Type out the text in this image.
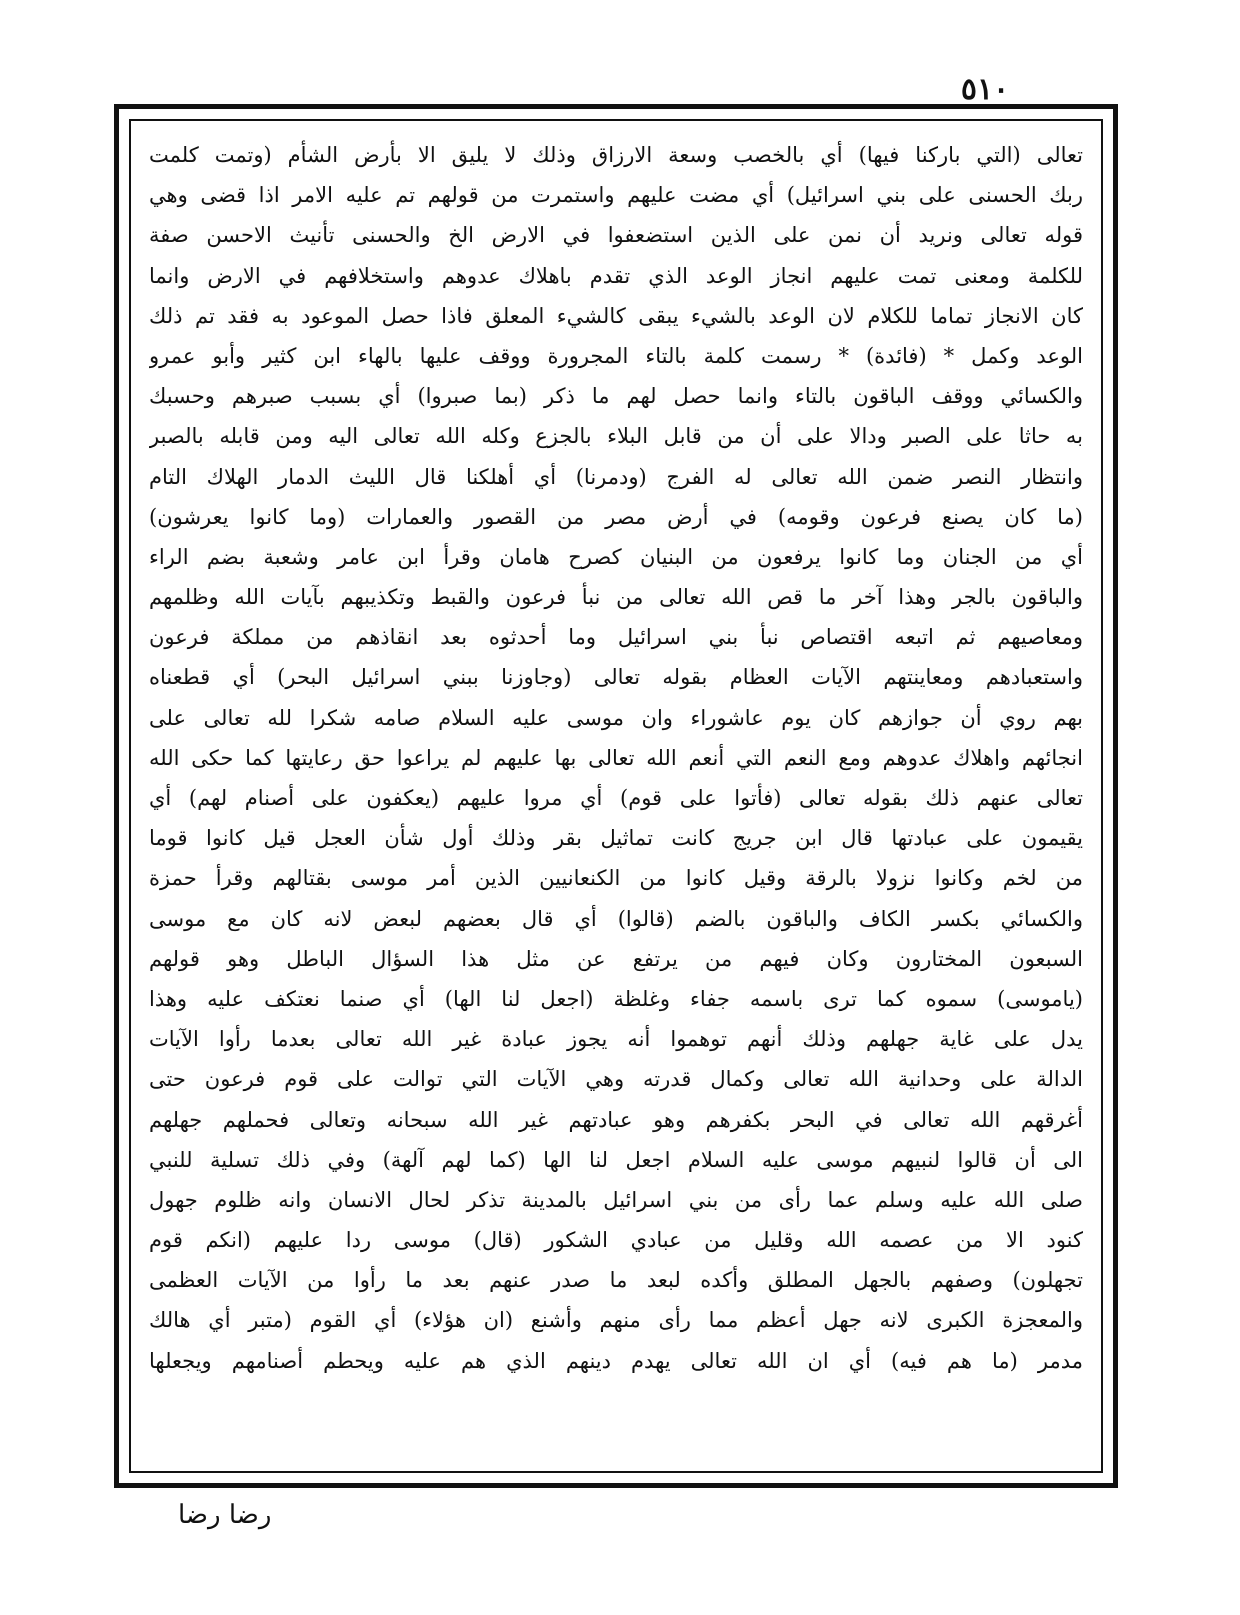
٥١٠
تعالى (التي باركنا فيها) أي بالخصب وسعة الارزاق وذلك لا يليق الا بأرض الشأم (وتمت كلمت
ربك الحسنى على بني اسرائيل) أي مضت عليهم واستمرت من قولهم تم عليه الامر اذا قضى وهي
قوله تعالى ونريد أن نمن على الذين استضعفوا في الارض الخ والحسنى تأنيث الاحسن صفة
للكلمة ومعنى تمت عليهم انجاز الوعد الذي تقدم باهلاك عدوهم واستخلافهم في الارض وانما
كان الانجاز تماما للكلام لان الوعد بالشيء يبقى كالشيء المعلق فاذا حصل الموعود به فقد تم ذلك
الوعد وكمل * (فائدة) * رسمت كلمة بالتاء المجرورة ووقف عليها بالهاء ابن كثير وأبو عمرو
والكسائي ووقف الباقون بالتاء وانما حصل لهم ما ذكر (بما صبروا) أي بسبب صبرهم وحسبك
به حاثا على الصبر ودالا على أن من قابل البلاء بالجزع وكله الله تعالى اليه ومن قابله بالصبر
وانتظار النصر ضمن الله تعالى له الفرج (ودمرنا) أي أهلكنا قال الليث الدمار الهلاك التام
(ما كان يصنع فرعون وقومه) في أرض مصر من القصور والعمارات (وما كانوا يعرشون)
أي من الجنان وما كانوا يرفعون من البنيان كصرح هامان وقرأ ابن عامر وشعبة بضم الراء
والباقون بالجر وهذا آخر ما قص الله تعالى من نبأ فرعون والقبط وتكذيبهم بآيات الله وظلمهم
ومعاصيهم ثم اتبعه اقتصاص نبأ بني اسرائيل وما أحدثوه بعد انقاذهم من مملكة فرعون
واستعبادهم ومعاينتهم الآيات العظام بقوله تعالى (وجاوزنا ببني اسرائيل البحر) أي قطعناه
بهم روي أن جوازهم كان يوم عاشوراء وان موسى عليه السلام صامه شكرا لله تعالى على
انجائهم واهلاك عدوهم ومع النعم التي أنعم الله تعالى بها عليهم لم يراعوا حق رعايتها كما حكى الله
تعالى عنهم ذلك بقوله تعالى (فأتوا على قوم) أي مروا عليهم (يعكفون على أصنام لهم) أي
يقيمون على عبادتها قال ابن جريج كانت تماثيل بقر وذلك أول شأن العجل قيل كانوا قوما
من لخم وكانوا نزولا بالرقة وقيل كانوا من الكنعانيين الذين أمر موسى بقتالهم وقرأ حمزة
والكسائي بكسر الكاف والباقون بالضم (قالوا) أي قال بعضهم لبعض لانه كان مع موسى
السبعون المختارون وكان فيهم من يرتفع عن مثل هذا السؤال الباطل وهو قولهم
(ياموسى) سموه كما ترى باسمه جفاء وغلظة (اجعل لنا الها) أي صنما نعتكف عليه وهذا
يدل على غاية جهلهم وذلك أنهم توهموا أنه يجوز عبادة غير الله تعالى بعدما رأوا الآيات
الدالة على وحدانية الله تعالى وكمال قدرته وهي الآيات التي توالت على قوم فرعون حتى
أغرقهم الله تعالى في البحر بكفرهم وهو عبادتهم غير الله سبحانه وتعالى فحملهم جهلهم
الى أن قالوا لنبيهم موسى عليه السلام اجعل لنا الها (كما لهم آلهة) وفي ذلك تسلية للنبي
صلى الله عليه وسلم عما رأى من بني اسرائيل بالمدينة تذكر لحال الانسان وانه ظلوم جهول
كنود الا من عصمه الله وقليل من عبادي الشكور (قال) موسى ردا عليهم (انكم قوم
تجهلون) وصفهم بالجهل المطلق وأكده لبعد ما صدر عنهم بعد ما رأوا من الآيات العظمى
والمعجزة الكبرى لانه جهل أعظم مما رأى منهم وأشنع (ان هؤلاء) أي القوم (متبر أي هالك
مدمر (ما هم فيه) أي ان الله تعالى يهدم دينهم الذي هم عليه ويحطم أصنامهم ويجعلها
رضا رضا
